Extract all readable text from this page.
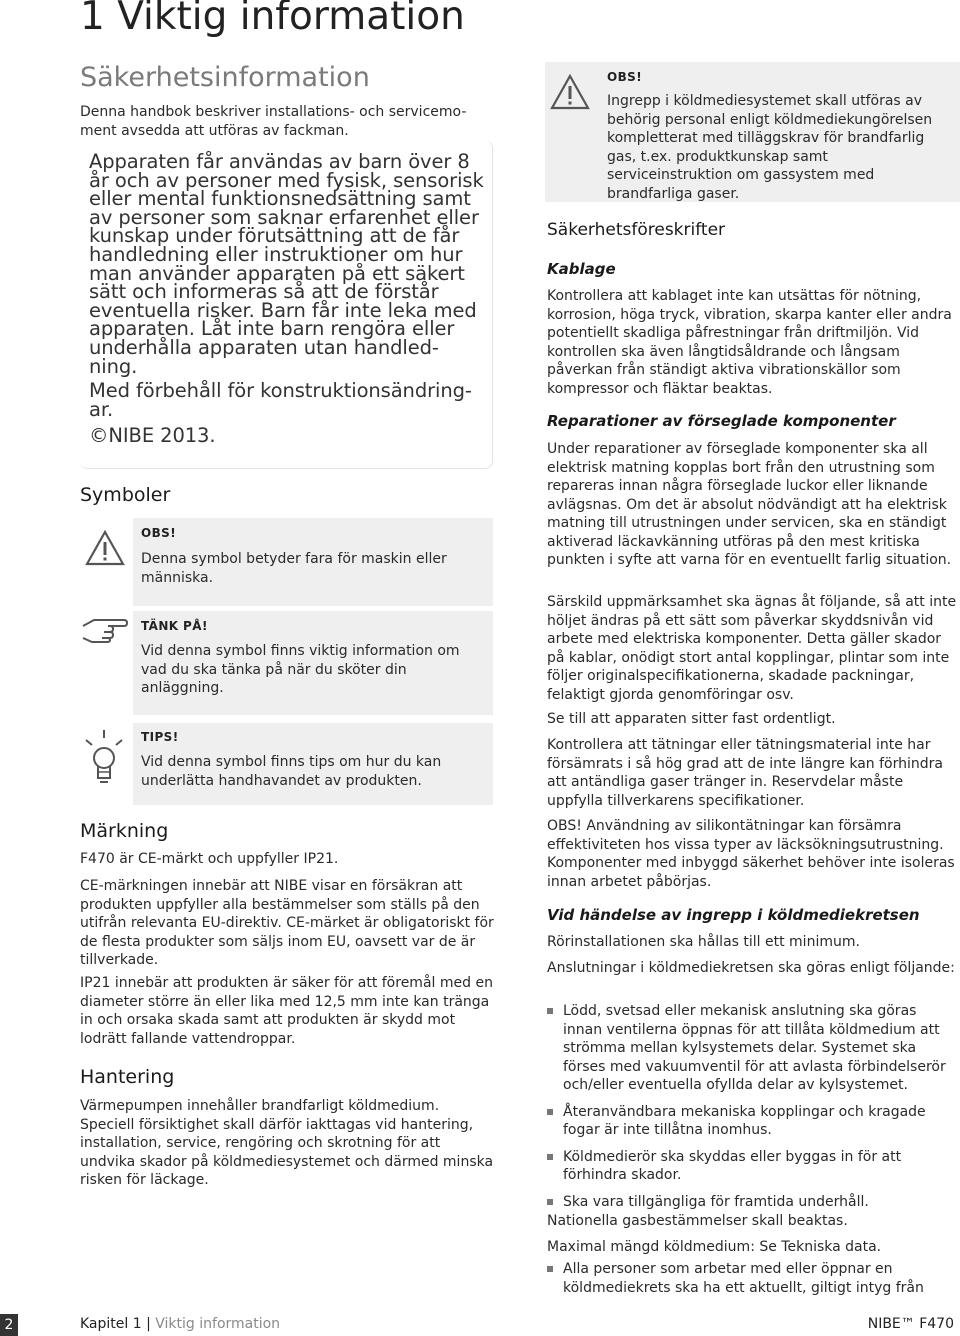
1 Viktig information
Säkerhetsinformation
Denna handbok beskriver installations- och servicemo-ment avsedda att utföras av fackman.

Apparaten får användas av barn över 8

år och av personer med fysisk, sensorisk

eller mental funktionsnedsättning samt

av personer som saknar erfarenhet eller

kunskap under förutsättning att de får

handledning eller instruktioner om hur

man använder apparaten på ett säkert

sätt och informeras så att de förstår

eventuella risker. Barn får inte leka med

apparaten. Låt inte barn rengöra eller

underhålla apparaten utan handled-

ning.

Med förbehåll för konstruktionsändring-

ar.

©NIBE 2013.

Symboler
OBS!

Denna symbol betyder fara för maskin eller människa.

TÄNK PÅ!

Vid denna symbol finns viktig information om vad du ska tänka på när du sköter din anläggning.

TIPS!

Vid denna symbol finns tips om hur du kan underlätta handhavandet av produkten.

Märkning

F470 är CE-märkt och uppfyller IP21.

CE-märkningen innebär att NIBE visar en försäkran att produkten uppfyller alla bestämmelser som ställs på den utifrån relevanta EU-direktiv. CE-märket är obligatoriskt för de flesta produkter som säljs inom EU, oavsett var de är tillverkade.

IP21 innebär att produkten är säker för att föremål med en diameter större än eller lika med 12,5 mm inte kan tränga in och orsaka skada samt att produkten är skydd mot lodrätt fallande vattendroppar.

Hantering

Värmepumpen innehåller brandfarligt köldmedium. Speciell försiktighet skall därför iakttagas vid hantering, installation, service, rengöring och skrotning för att undvika skador på köldmediesystemet och därmed minska risken för läckage.

OBS!

Ingrepp i köldmediesystemet skall utföras av behörig personal enligt köldmediekungörelsen kompletterat med tilläggskrav för brandfarlig gas, t.ex. produktkunskap samt serviceinstruktion om gassystem med brandfarliga gaser.

Säkerhetsföreskrifter
Kablage

Kontrollera att kablaget inte kan utsättas för nötning, korrosion, höga tryck, vibration, skarpa kanter eller andra potentiellt skadliga påfrestningar från driftmiljön. Vid kontrollen ska även långtidsåldrande och långsam påverkan från ständigt aktiva vibrationskällor som kompressor och fläktar beaktas.

Reparationer av förseglade komponenter

Under reparationer av förseglade komponenter ska all elektrisk matning kopplas bort från den utrustning som repareras innan några förseglade luckor eller liknande avlägsnas. Om det är absolut nödvändigt att ha elektrisk matning till utrustningen under servicen, ska en ständigt aktiverad läckavkänning utföras på den mest kritiska punkten i syfte att varna för en eventuellt farlig situation.

Särskild uppmärksamhet ska ägnas åt följande, så att inte höljet ändras på ett sätt som påverkar skyddsnivån vid arbete med elektriska komponenter. Detta gäller skador på kablar, onödigt stort antal kopplingar, plintar som inte följer originalspecifikationerna, skadade packningar, felaktigt gjorda genomföringar osv.

Se till att apparaten sitter fast ordentligt.

Kontrollera att tätningar eller tätningsmaterial inte har försämrats i så hög grad att de inte längre kan förhindra att antändliga gaser tränger in. Reservdelar måste uppfylla tillverkarens specifikationer.

OBS! Användning av silikontätningar kan försämra effektiviteten hos vissa typer av läcksökningsutrustning. Komponenter med inbyggd säkerhet behöver inte isoleras innan arbetet påbörjas.

Vid händelse av ingrepp i köldmediekretsen

Rörinstallationen ska hållas till ett minimum.

Anslutningar i köldmediekretsen ska göras enligt följande:

Lödd, svetsad eller mekanisk anslutning ska göras innan ventilerna öppnas för att tillåta köldmedium att strömma mellan kylsystemets delar. Systemet ska förses med vakuumventil för att avlasta förbindelserör och/eller eventuella ofyllda delar av kylsystemet.
Återanvändbara mekaniska kopplingar och kragade fogar är inte tillåtna inomhus.
Köldmedierör ska skyddas eller byggas in för att förhindra skador.
Ska vara tillgängliga för framtida underhåll.

Nationella gasbestämmelser skall beaktas.

Maximal mängd köldmedium: Se Tekniska data.

Alla personer som arbetar med eller öppnar en köldmediekrets ska ha ett aktuellt, giltigt intyg från
2	Kapitel 1 | Viktig information	NIBE™ F470
